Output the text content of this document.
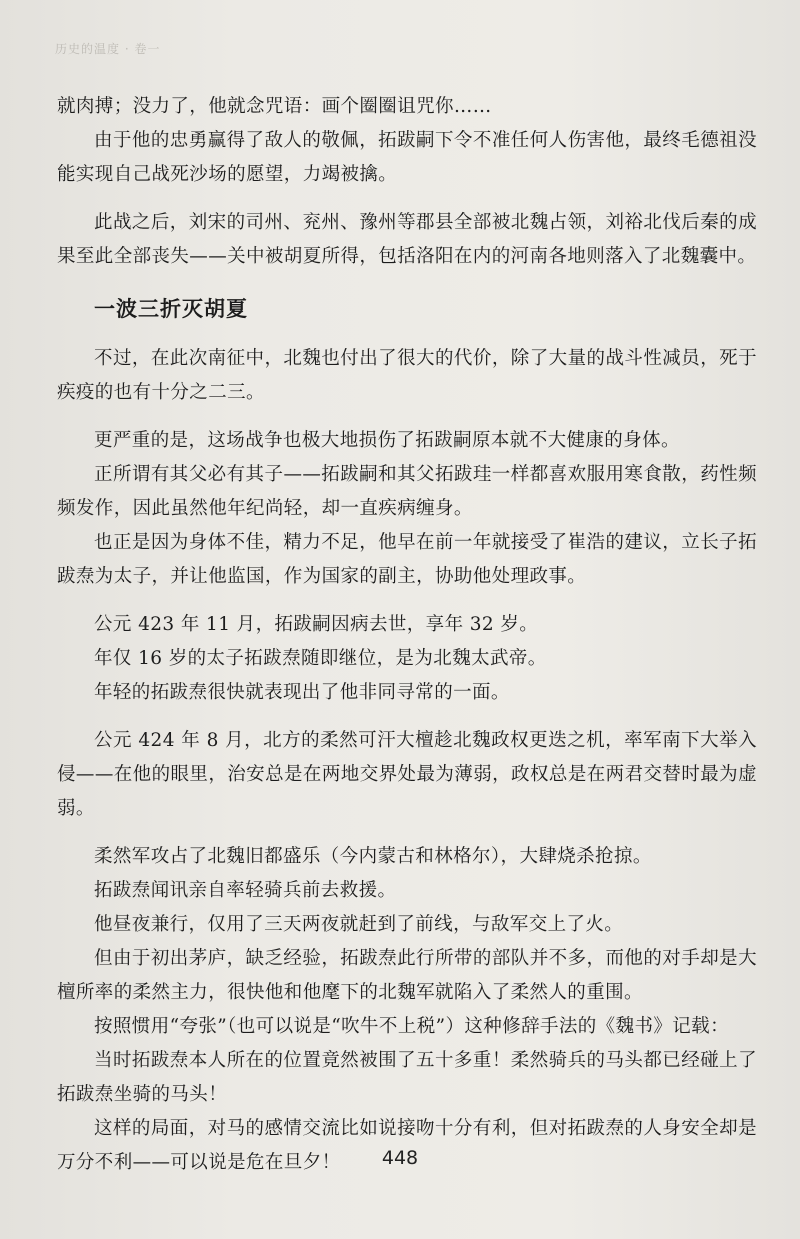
历史的温度 · 卷一

就肉搏；没力了，他就念咒语：画个圈圈诅咒你……

由于他的忠勇赢得了敌人的敬佩，拓跋嗣下令不准任何人伤害他，最终毛德祖没能实现自己战死沙场的愿望，力竭被擒。

此战之后，刘宋的司州、兖州、豫州等郡县全部被北魏占领，刘裕北伐后秦的成果至此全部丧失——关中被胡夏所得，包括洛阳在内的河南各地则落入了北魏囊中。

一波三折灭胡夏

不过，在此次南征中，北魏也付出了很大的代价，除了大量的战斗性减员，死于疾疫的也有十分之二三。

更严重的是，这场战争也极大地损伤了拓跋嗣原本就不大健康的身体。

正所谓有其父必有其子——拓跋嗣和其父拓跋珪一样都喜欢服用寒食散，药性频频发作，因此虽然他年纪尚轻，却一直疾病缠身。

也正是因为身体不佳，精力不足，他早在前一年就接受了崔浩的建议，立长子拓跋焘为太子，并让他监国，作为国家的副主，协助他处理政事。

公元 423 年 11 月，拓跋嗣因病去世，享年 32 岁。

年仅 16 岁的太子拓跋焘随即继位，是为北魏太武帝。

年轻的拓跋焘很快就表现出了他非同寻常的一面。

公元 424 年 8 月，北方的柔然可汗大檀趁北魏政权更迭之机，率军南下大举入侵——在他的眼里，治安总是在两地交界处最为薄弱，政权总是在两君交替时最为虚弱。

柔然军攻占了北魏旧都盛乐（今内蒙古和林格尔），大肆烧杀抢掠。

拓跋焘闻讯亲自率轻骑兵前去救援。

他昼夜兼行，仅用了三天两夜就赶到了前线，与敌军交上了火。

但由于初出茅庐，缺乏经验，拓跋焘此行所带的部队并不多，而他的对手却是大檀所率的柔然主力，很快他和他麾下的北魏军就陷入了柔然人的重围。

按照惯用“夸张”（也可以说是“吹牛不上税”）这种修辞手法的《魏书》记载：

当时拓跋焘本人所在的位置竟然被围了五十多重！柔然骑兵的马头都已经碰上了拓跋焘坐骑的马头！

这样的局面，对马的感情交流比如说接吻十分有利，但对拓跋焘的人身安全却是万分不利——可以说是危在旦夕！	448
